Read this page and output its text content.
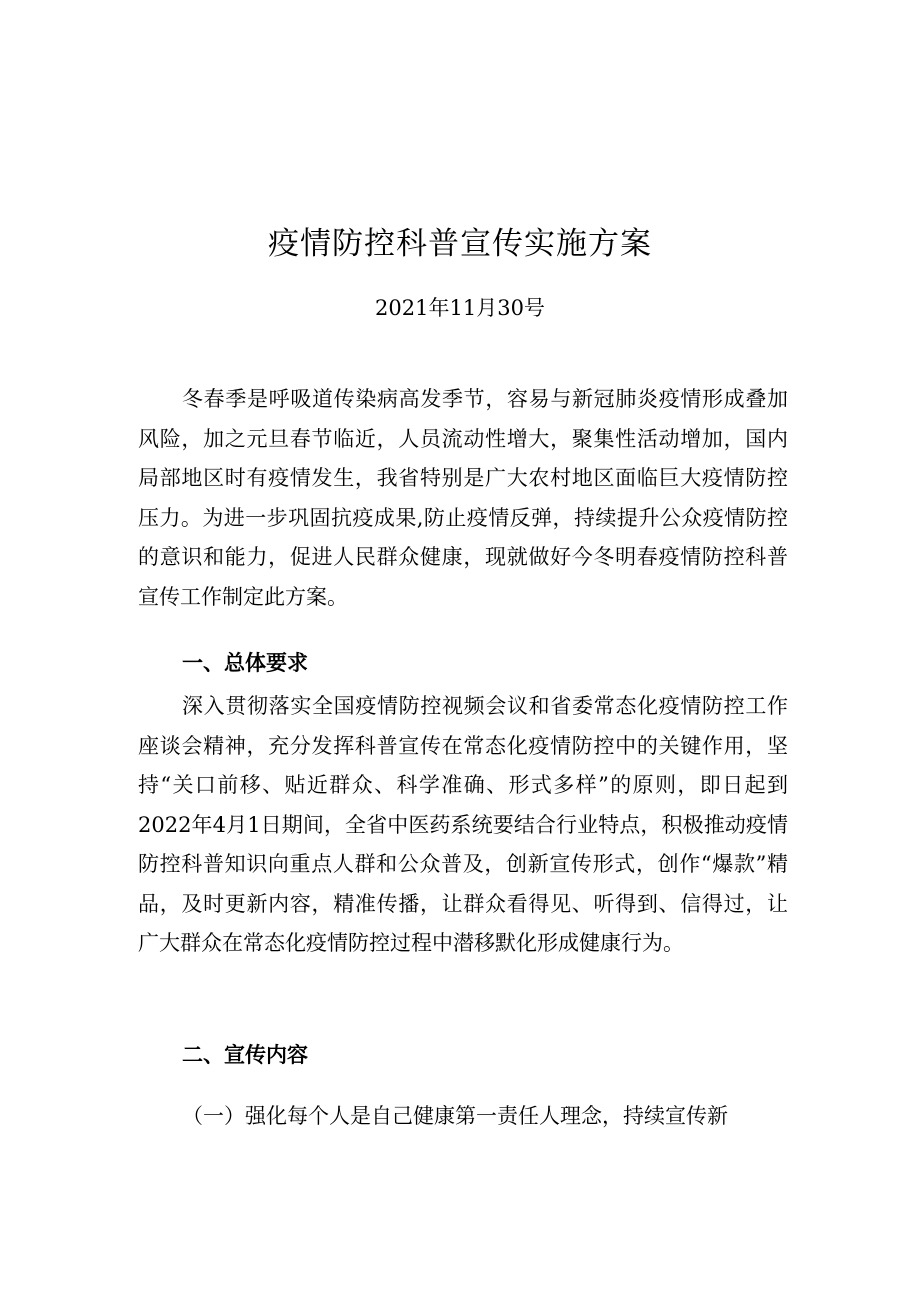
疫情防控科普宣传实施方案
2021年11月30号

冬春季是呼吸道传染病高发季节，容易与新冠肺炎疫情形成叠加风险，加之元旦春节临近，人员流动性增大，聚集性活动增加，国内局部地区时有疫情发生，我省特别是广大农村地区面临巨大疫情防控压力。为进一步巩固抗疫成果,防止疫情反弹，持续提升公众疫情防控的意识和能力，促进人民群众健康，现就做好今冬明春疫情防控科普宣传工作制定此方案。

一、总体要求

深入贯彻落实全国疫情防控视频会议和省委常态化疫情防控工作座谈会精神，充分发挥科普宣传在常态化疫情防控中的关键作用，坚持“关口前移、贴近群众、科学准确、形式多样”的原则，即日起到2022年4月1日期间，全省中医药系统要结合行业特点，积极推动疫情防控科普知识向重点人群和公众普及，创新宣传形式，创作“爆款”精品，及时更新内容，精准传播，让群众看得见、听得到、信得过，让广大群众在常态化疫情防控过程中潜移默化形成健康行为。

二、宣传内容

（一）强化每个人是自己健康第一责任人理念，持续宣传新
